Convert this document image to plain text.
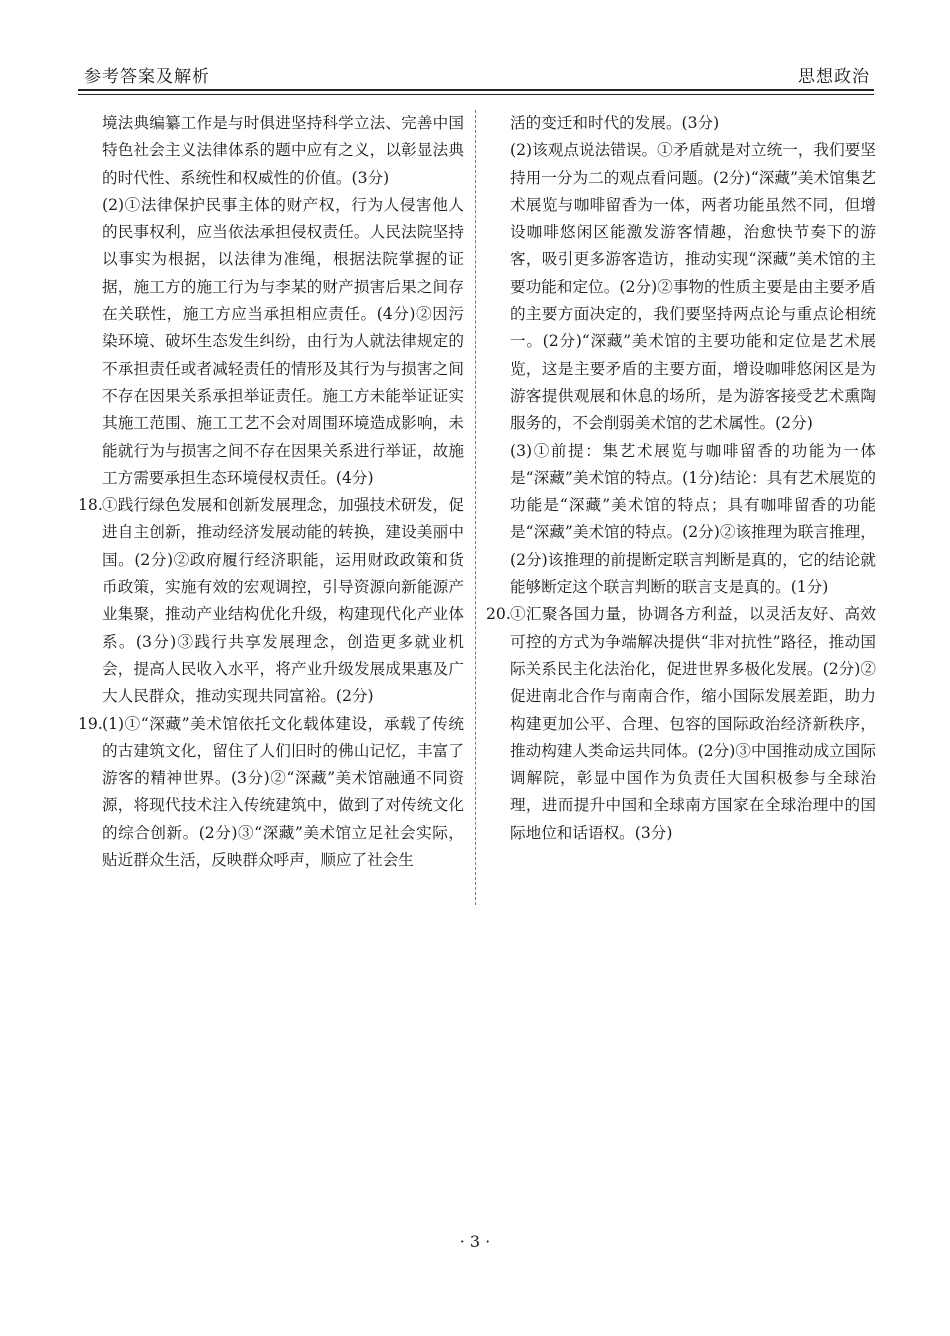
参考答案及解析	思想政治

境法典编纂工作是与时俱进坚持科学立法、完善中国特色社会主义法律体系的题中应有之义，以彰显法典的时代性、系统性和权威性的价值。(3分)

(2)①法律保护民事主体的财产权，行为人侵害他人的民事权利，应当依法承担侵权责任。人民法院坚持以事实为根据，以法律为准绳，根据法院掌握的证据，施工方的施工行为与李某的财产损害后果之间存在关联性，施工方应当承担相应责任。(4分)②因污染环境、破坏生态发生纠纷，由行为人就法律规定的不承担责任或者减轻责任的情形及其行为与损害之间不存在因果关系承担举证责任。施工方未能举证证实其施工范围、施工工艺不会对周围环境造成影响，未能就行为与损害之间不存在因果关系进行举证，故施工方需要承担生态环境侵权责任。(4分)

18. ①践行绿色发展和创新发展理念，加强技术研发，促进自主创新，推动经济发展动能的转换，建设美丽中国。(2分)②政府履行经济职能，运用财政政策和货币政策，实施有效的宏观调控，引导资源向新能源产业集聚，推动产业结构优化升级，构建现代化产业体系。(3分)③践行共享发展理念，创造更多就业机会，提高人民收入水平，将产业升级发展成果惠及广大人民群众，推动实现共同富裕。(2分)
19. (1)①“深藏”美术馆依托文化载体建设，承载了传统的古建筑文化，留住了人们旧时的佛山记忆，丰富了游客的精神世界。(3分)②“深藏”美术馆融通不同资源，将现代技术注入传统建筑中，做到了对传统文化的综合创新。(2分)③“深藏”美术馆立足社会实际，贴近群众生活，反映群众呼声，顺应了社会生

活的变迁和时代的发展。(3分)

(2)该观点说法错误。①矛盾就是对立统一，我们要坚持用一分为二的观点看问题。(2分)“深藏”美术馆集艺术展览与咖啡留香为一体，两者功能虽然不同，但增设咖啡悠闲区能激发游客情趣，治愈快节奏下的游客，吸引更多游客造访，推动实现“深藏”美术馆的主要功能和定位。(2分)②事物的性质主要是由主要矛盾的主要方面决定的，我们要坚持两点论与重点论相统一。(2分)“深藏”美术馆的主要功能和定位是艺术展览，这是主要矛盾的主要方面，增设咖啡悠闲区是为游客提供观展和休息的场所，是为游客接受艺术熏陶服务的，不会削弱美术馆的艺术属性。(2分)

(3)①前提：集艺术展览与咖啡留香的功能为一体是“深藏”美术馆的特点。(1分)结论：具有艺术展览的功能是“深藏”美术馆的特点；具有咖啡留香的功能是“深藏”美术馆的特点。(2分)②该推理为联言推理，(2分)该推理的前提断定联言判断是真的，它的结论就能够断定这个联言判断的联言支是真的。(1分)

20. ①汇聚各国力量，协调各方利益，以灵活友好、高效可控的方式为争端解决提供“非对抗性”路径，推动国际关系民主化法治化，促进世界多极化发展。(2分)②促进南北合作与南南合作，缩小国际发展差距，助力构建更加公平、合理、包容的国际政治经济新秩序，推动构建人类命运共同体。(2分)③中国推动成立国际调解院，彰显中国作为负责任大国积极参与全球治理，进而提升中国和全球南方国家在全球治理中的国际地位和话语权。(3分)
· 3 ·
